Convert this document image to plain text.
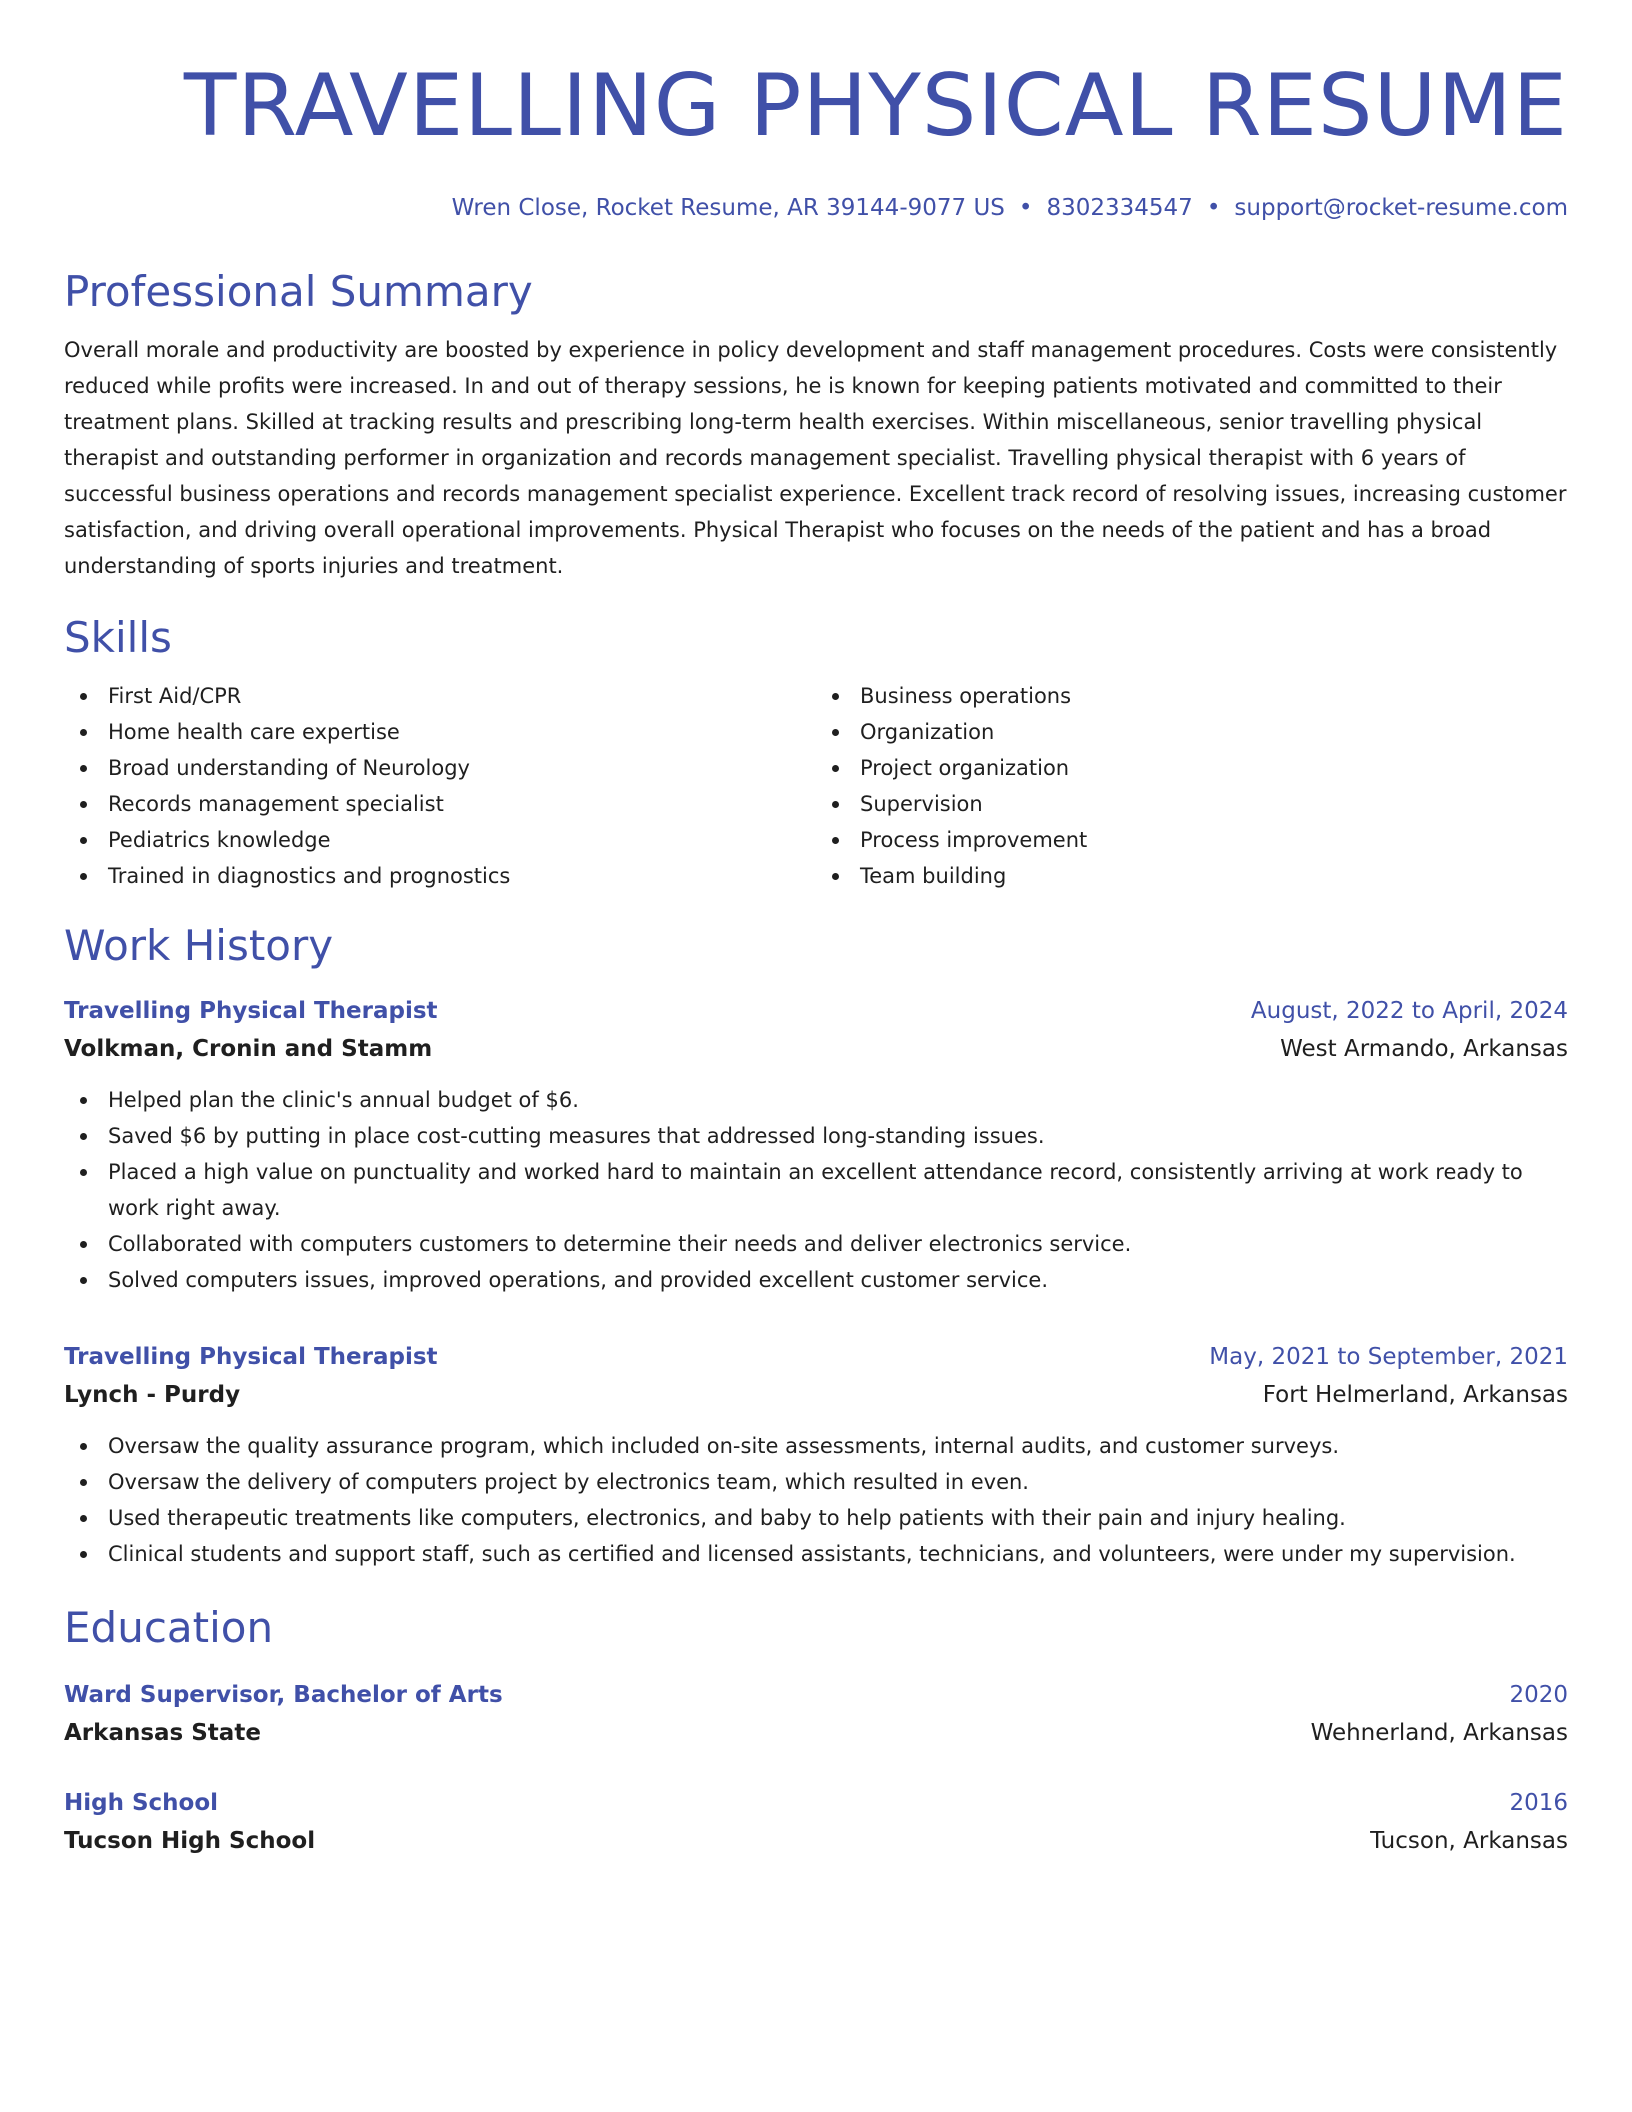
TRAVELLING PHYSICAL RESUME
Wren Close, Rocket Resume, AR 39144-9077 US • 8302334547 • support@rocket-resume.com
Professional Summary

Overall morale and productivity are boosted by experience in policy development and staff management procedures. Costs were consistently reduced while profits were increased. In and out of therapy sessions, he is known for keeping patients motivated and committed to their treatment plans. Skilled at tracking results and prescribing long-term health exercises. Within miscellaneous, senior travelling physical therapist and outstanding performer in organization and records management specialist. Travelling physical therapist with 6 years of successful business operations and records management specialist experience. Excellent track record of resolving issues, increasing customer satisfaction, and driving overall operational improvements. Physical Therapist who focuses on the needs of the patient and has a broad understanding of sports injuries and treatment.

Skills
First Aid/CPR
Home health care expertise
Broad understanding of Neurology
Records management specialist
Pediatrics knowledge
Trained in diagnostics and prognostics
Business operations
Organization
Project organization
Supervision
Process improvement
Team building
Work History
Travelling Physical Therapist	August, 2022 to April, 2024
Volkman, Cronin and Stamm	West Armando, Arkansas
Helped plan the clinic's annual budget of $6.
Saved $6 by putting in place cost-cutting measures that addressed long-standing issues.
Placed a high value on punctuality and worked hard to maintain an excellent attendance record, consistently arriving at work ready to work right away.
Collaborated with computers customers to determine their needs and deliver electronics service.
Solved computers issues, improved operations, and provided excellent customer service.
Travelling Physical Therapist	May, 2021 to September, 2021
Lynch - Purdy	Fort Helmerland, Arkansas
Oversaw the quality assurance program, which included on-site assessments, internal audits, and customer surveys.
Oversaw the delivery of computers project by electronics team, which resulted in even.
Used therapeutic treatments like computers, electronics, and baby to help patients with their pain and injury healing.
Clinical students and support staff, such as certified and licensed assistants, technicians, and volunteers, were under my supervision.
Education
Ward Supervisor, Bachelor of Arts	2020
Arkansas State	Wehnerland, Arkansas
High School	2016
Tucson High School	Tucson, Arkansas
